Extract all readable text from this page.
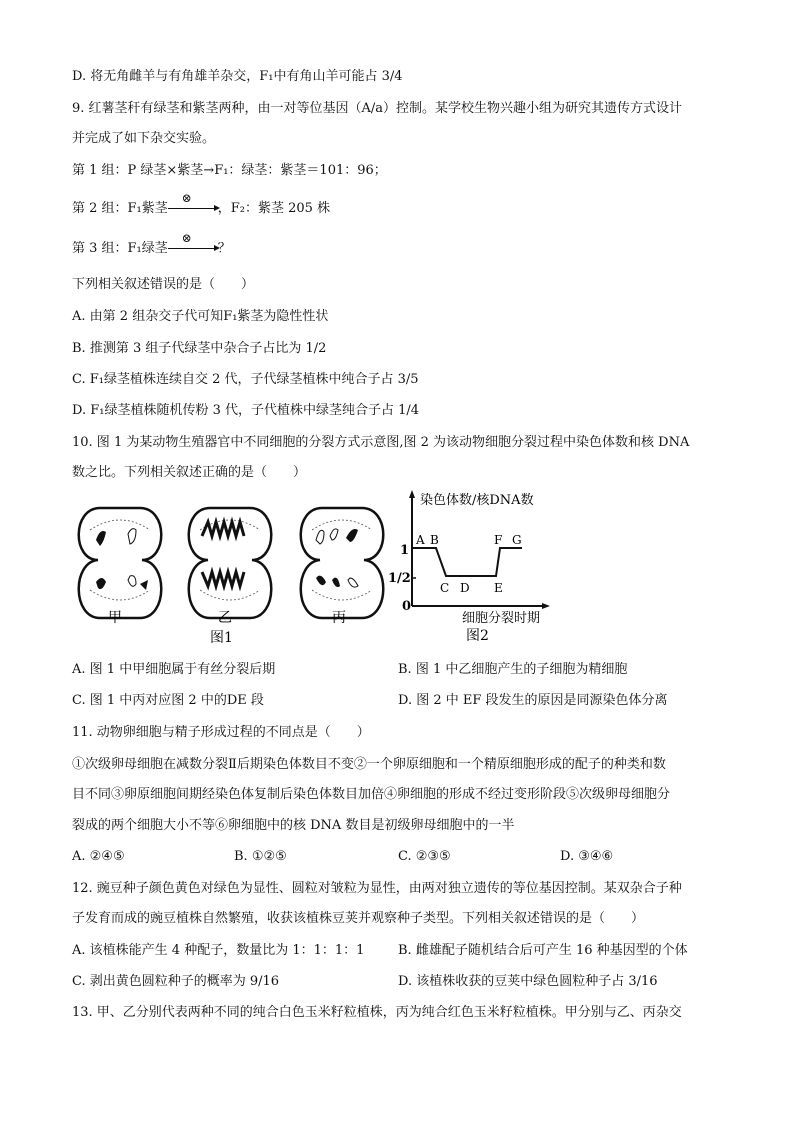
D. 将无角雌羊与有角雄羊杂交，F₁中有角山羊可能占 3/4
9. 红薯茎秆有绿茎和紫茎两种，由一对等位基因（A/a）控制。某学校生物兴趣小组为研究其遗传方式设计
并完成了如下杂交实验。
第 1 组：P 绿茎×紫茎→F₁：绿茎：紫茎＝101：96；
第 2 组：F₁紫茎
⊗
，F₂：紫茎 205 株
第 3 组：F₁绿茎
⊗
？
下列相关叙述错误的是（　　）
A. 由第 2 组杂交子代可知F₁紫茎为隐性性状
B. 推测第 3 组子代绿茎中杂合子占比为 1/2
C. F₁绿茎植株连续自交 2 代，子代绿茎植株中纯合子占 3/5
D. F₁绿茎植株随机传粉 3 代，子代植株中绿茎纯合子占 1/4
10. 图 1 为某动物生殖器官中不同细胞的分裂方式示意图,图 2 为该动物细胞分裂过程中染色体数和核 DNA
数之比。下列相关叙述正确的是（　　）
甲	乙	丙
图1
染色体数/核DNA数
1
1/2
0
A B
C D E
F G
细胞分裂时期
图2
A. 图 1 中甲细胞属于有丝分裂后期	B. 图 1 中乙细胞产生的子细胞为精细胞
C. 图 1 中丙对应图 2 中的DE 段	D. 图 2 中 EF 段发生的原因是同源染色体分离
11. 动物卵细胞与精子形成过程的不同点是（　　）
①次级卵母细胞在减数分裂Ⅱ后期染色体数目不变②一个卵原细胞和一个精原细胞形成的配子的种类和数
目不同③卵原细胞间期经染色体复制后染色体数目加倍④卵细胞的形成不经过变形阶段⑤次级卵母细胞分
裂成的两个细胞大小不等⑥卵细胞中的核 DNA 数目是初级卵母细胞中的一半
A. ②④⑤	B. ①②⑤	C. ②③⑤	D. ③④⑥
12. 豌豆种子颜色黄色对绿色为显性、圆粒对皱粒为显性，由两对独立遗传的等位基因控制。某双杂合子种
子发育而成的豌豆植株自然繁殖，收获该植株豆荚并观察种子类型。下列相关叙述错误的是（　　）
A. 该植株能产生 4 种配子，数量比为 1：1：1：1	B. 雌雄配子随机结合后可产生 16 种基因型的个体
C. 剥出黄色圆粒种子的概率为 9/16	D. 该植株收获的豆荚中绿色圆粒种子占 3/16
13. 甲、乙分别代表两种不同的纯合白色玉米籽粒植株，丙为纯合红色玉米籽粒植株。甲分别与乙、丙杂交
